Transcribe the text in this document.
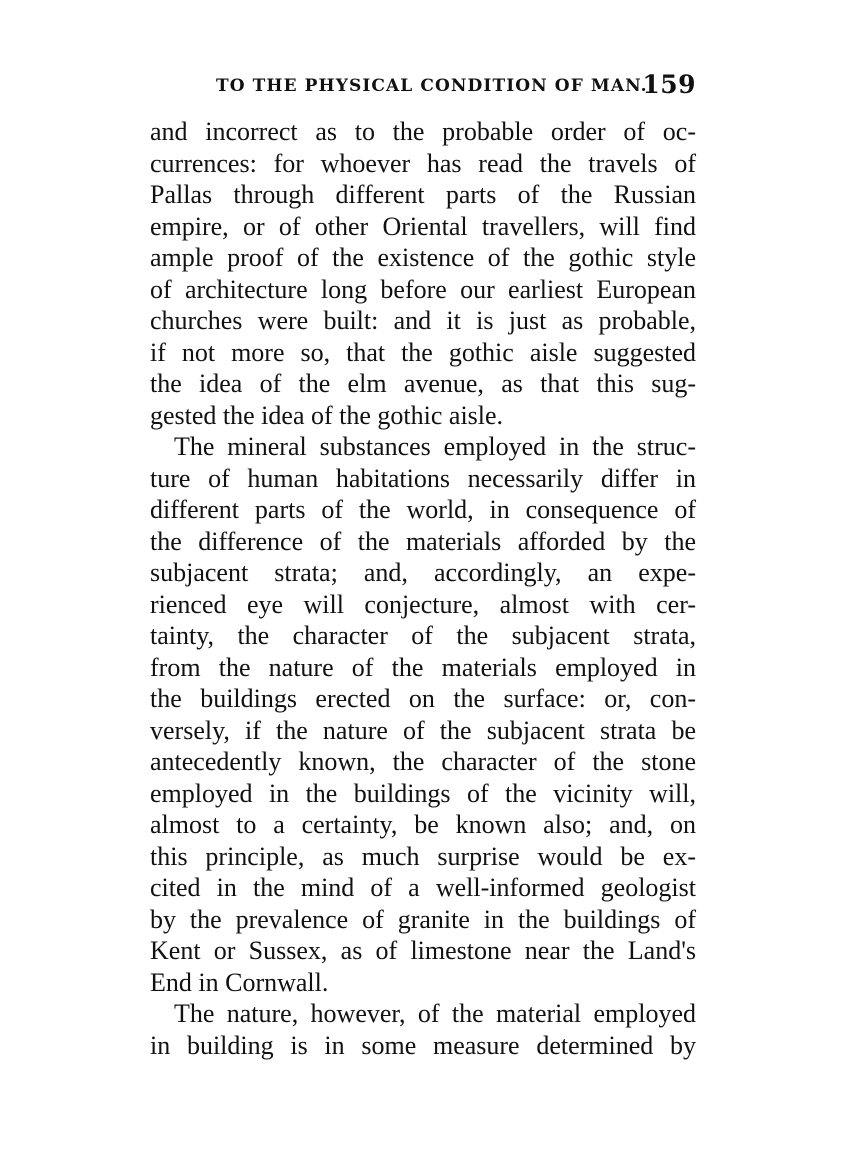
TO THE PHYSICAL CONDITION OF MAN.
159
and incorrect as to the probable order of oc-
currences: for whoever has read the travels of
Pallas through different parts of the Russian
empire, or of other Oriental travellers, will find
ample proof of the existence of the gothic style
of architecture long before our earliest European
churches were built: and it is just as probable,
if not more so, that the gothic aisle suggested
the idea of the elm avenue, as that this sug-
gested the idea of the gothic aisle.
The mineral substances employed in the struc-
ture of human habitations necessarily differ in
different parts of the world, in consequence of
the difference of the materials afforded by the
subjacent strata; and, accordingly, an expe-
rienced eye will conjecture, almost with cer-
tainty, the character of the subjacent strata,
from the nature of the materials employed in
the buildings erected on the surface: or, con-
versely, if the nature of the subjacent strata be
antecedently known, the character of the stone
employed in the buildings of the vicinity will,
almost to a certainty, be known also; and, on
this principle, as much surprise would be ex-
cited in the mind of a well-informed geologist
by the prevalence of granite in the buildings of
Kent or Sussex, as of limestone near the Land's
End in Cornwall.
The nature, however, of the material employed
in building is in some measure determined by
